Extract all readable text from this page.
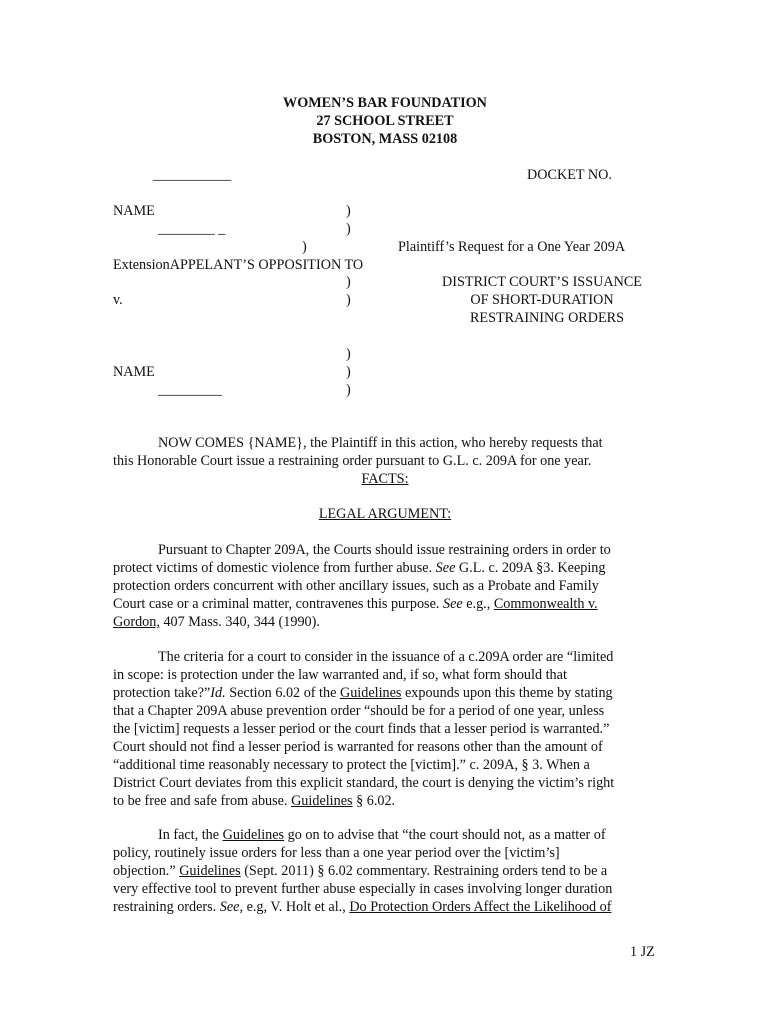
WOMEN’S BAR FOUNDATION
27 SCHOOL STREET
BOSTON, MASS 02108
___________	DOCKET NO.
NAME	)
________ _	)
)	Plaintiff’s Request for a One Year 209A
ExtensionAPPELANT’S OPPOSITION TO
)	DISTRICT COURT’S ISSUANCE
v.	)	OF SHORT-DURATION
RESTRAINING ORDERS
)
NAME	)
_________	)
NOW COMES {NAME}, the Plaintiff in this action, who hereby requests that
this Honorable Court issue a restraining order pursuant to G.L. c. 209A for one year.
FACTS:
LEGAL ARGUMENT:
Pursuant to Chapter 209A, the Courts should issue restraining orders in order to
protect victims of domestic violence from further abuse. See G.L. c. 209A §3. Keeping
protection orders concurrent with other ancillary issues, such as a Probate and Family
Court case or a criminal matter, contravenes this purpose. See e.g., Commonwealth v.
Gordon, 407 Mass. 340, 344 (1990).
The criteria for a court to consider in the issuance of a c.209A order are “limited
in scope: is protection under the law warranted and, if so, what form should that
protection take?”Id. Section 6.02 of the Guidelines expounds upon this theme by stating
that a Chapter 209A abuse prevention order “should be for a period of one year, unless
the [victim] requests a lesser period or the court finds that a lesser period is warranted.”
Court should not find a lesser period is warranted for reasons other than the amount of
“additional time reasonably necessary to protect the [victim].” c. 209A, § 3. When a
District Court deviates from this explicit standard, the court is denying the victim’s right
to be free and safe from abuse. Guidelines § 6.02.
In fact, the Guidelines go on to advise that “the court should not, as a matter of
policy, routinely issue orders for less than a one year period over the [victim’s]
objection.” Guidelines (Sept. 2011) § 6.02 commentary. Restraining orders tend to be a
very effective tool to prevent further abuse especially in cases involving longer duration
restraining orders. See, e.g, V. Holt et al., Do Protection Orders Affect the Likelihood of
1 JZ
